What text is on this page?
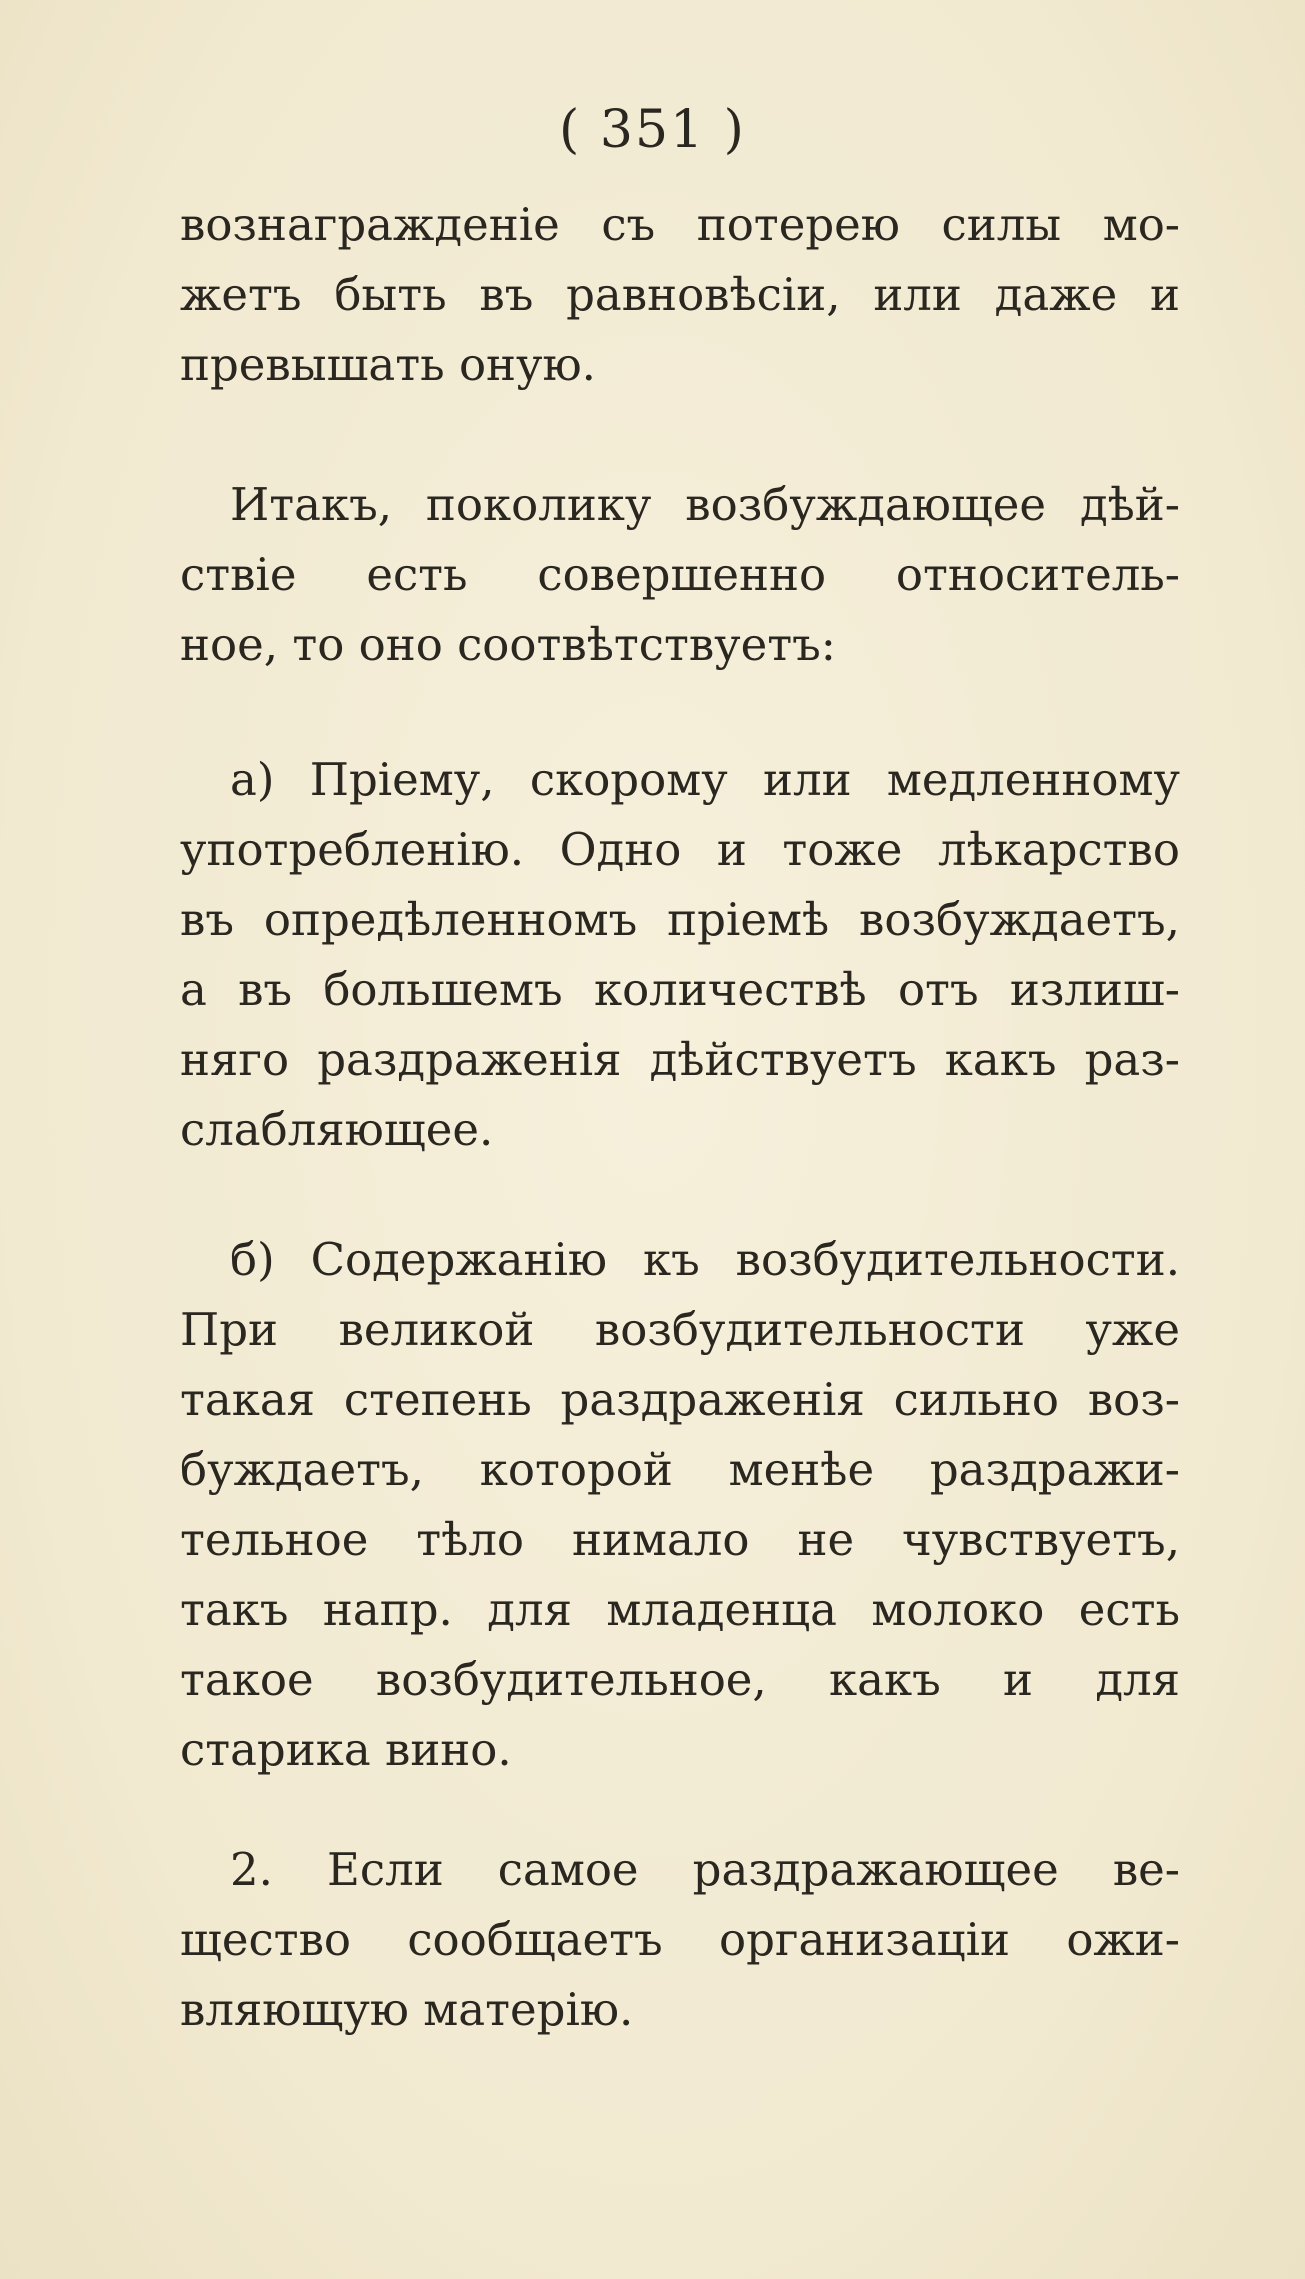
( 351 )
вознагражденіе съ потерею силы мо-
жетъ быть въ равновѣсіи, или даже и
превышать оную.
Итакъ, поколику возбуждающее дѣй-
ствіе есть совершенно относитель-
ное, то оно соотвѣтствуетъ:
а) Пріему, скорому или медленному
употребленію. Одно и тоже лѣкарство
въ опредѣленномъ пріемѣ возбуждаетъ,
а въ большемъ количествѣ отъ излиш-
няго раздраженія дѣйствуетъ какъ раз-
слабляющее.
б) Содержанію къ возбудительности.
При великой возбудительности уже
такая степень раздраженія сильно воз-
буждаетъ, которой менѣе раздражи-
тельное тѣло нимало не чувствуетъ,
такъ напр. для младенца молоко есть
такое возбудительное, какъ и для
старика вино.
2. Если самое раздражающее ве-
щество сообщаетъ организаціи ожи-
вляющую матерію.
